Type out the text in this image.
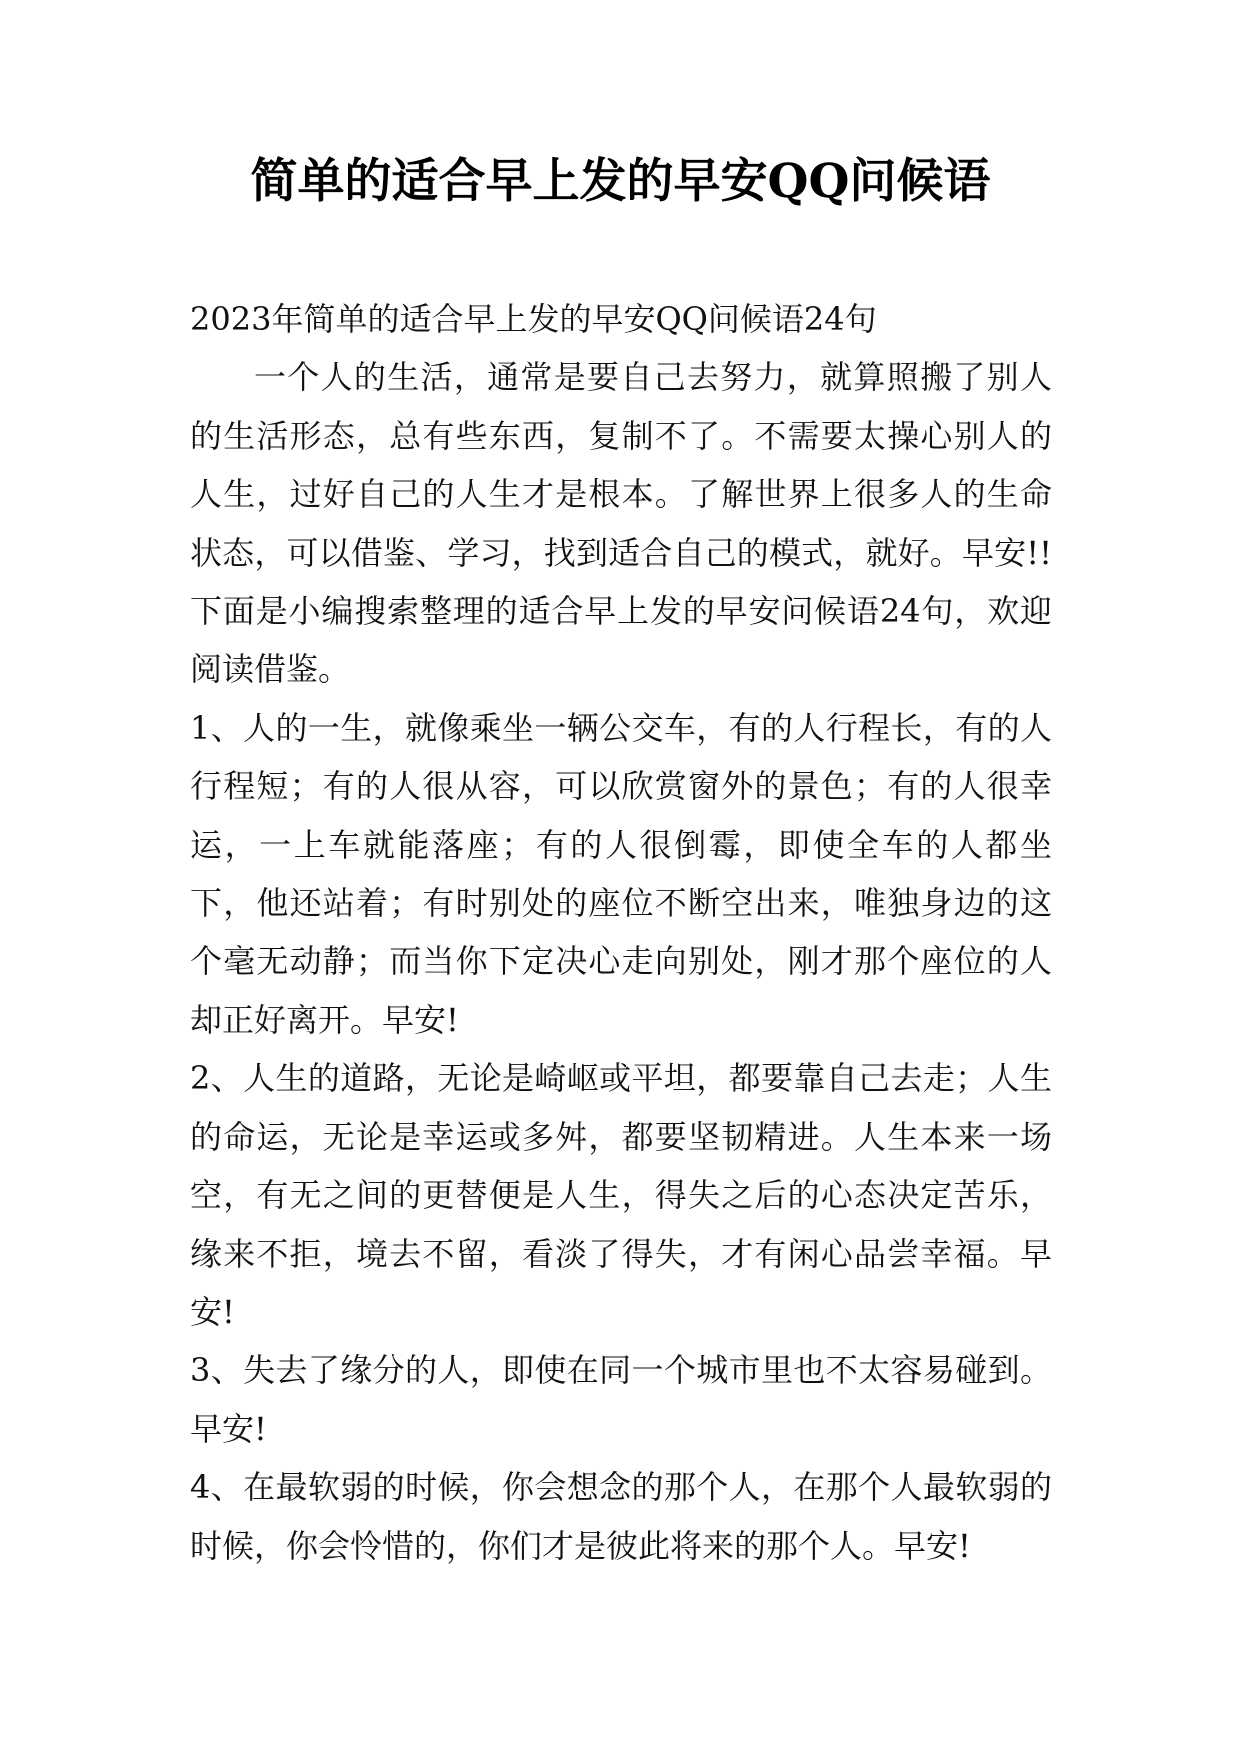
简单的适合早上发的早安QQ问候语

2023年简单的适合早上发的早安QQ问候语24句

一个人的生活，通常是要自己去努力，就算照搬了别人的生活形态，总有些东西，复制不了。不需要太操心别人的人生，过好自己的人生才是根本。了解世界上很多人的生命状态，可以借鉴、学习，找到适合自己的模式，就好。早安!! 下面是小编搜索整理的适合早上发的早安问候语24句，欢迎阅读借鉴。

1、人的一生，就像乘坐一辆公交车，有的人行程长，有的人行程短；有的人很从容，可以欣赏窗外的景色；有的人很幸运，一上车就能落座；有的人很倒霉，即使全车的人都坐下，他还站着；有时别处的座位不断空出来，唯独身边的这个毫无动静；而当你下定决心走向别处，刚才那个座位的人却正好离开。早安!

2、人生的道路，无论是崎岖或平坦，都要靠自己去走；人生的命运，无论是幸运或多舛，都要坚韧精进。人生本来一场空，有无之间的更替便是人生，得失之后的心态决定苦乐，缘来不拒，境去不留，看淡了得失，才有闲心品尝幸福。早安!

3、失去了缘分的人，即使在同一个城市里也不太容易碰到。早安!

4、在最软弱的时候，你会想念的那个人，在那个人最软弱的时候，你会怜惜的，你们才是彼此将来的那个人。早安!
